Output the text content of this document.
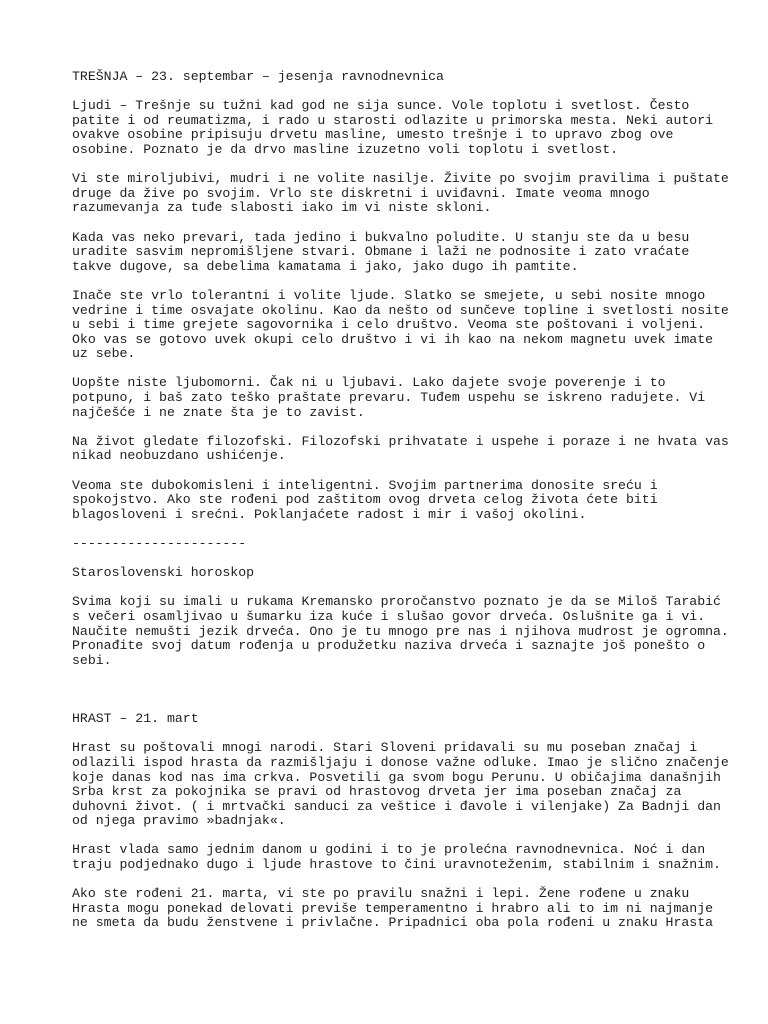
TREŠNJA – 23. septembar – jesenja ravnodnevnica
Ljudi – Trešnje su tužni kad god ne sija sunce. Vole toplotu i svetlost. Često
patite i od reumatizma, i rado u starosti odlazite u primorska mesta. Neki autori
ovakve osobine pripisuju drvetu masline, umesto trešnje i to upravo zbog ove
osobine. Poznato je da drvo masline izuzetno voli toplotu i svetlost.
Vi ste miroljubivi, mudri i ne volite nasilje. Živite po svojim pravilima i puštate
druge da žive po svojim. Vrlo ste diskretni i uviđavni. Imate veoma mnogo
razumevanja za tuđe slabosti iako im vi niste skloni.
Kada vas neko prevari, tada jedino i bukvalno poludite. U stanju ste da u besu
uradite sasvim nepromišljene stvari. Obmane i laži ne podnosite i zato vraćate
takve dugove, sa debelima kamatama i jako, jako dugo ih pamtite.
Inače ste vrlo tolerantni i volite ljude. Slatko se smejete, u sebi nosite mnogo
vedrine i time osvajate okolinu. Kao da nešto od sunčeve topline i svetlosti nosite
u sebi i time grejete sagovornika i celo društvo. Veoma ste poštovani i voljeni.
Oko vas se gotovo uvek okupi celo društvo i vi ih kao na nekom magnetu uvek imate
uz sebe.
Uopšte niste ljubomorni. Čak ni u ljubavi. Lako dajete svoje poverenje i to
potpuno, i baš zato teško praštate prevaru. Tuđem uspehu se iskreno radujete. Vi
najčešće i ne znate šta je to zavist.
Na život gledate filozofski. Filozofski prihvatate i uspehe i poraze i ne hvata vas
nikad neobuzdano ushićenje.
Veoma ste dubokomisleni i inteligentni. Svojim partnerima donosite sreću i
spokojstvo. Ako ste rođeni pod zaštitom ovog drveta celog života ćete biti
blagosloveni i srećni. Poklanjaćete radost i mir i vašoj okolini.
----------------------
Staroslovenski horoskop
Svima koji su imali u rukama Kremansko proročanstvo poznato je da se Miloš Tarabić
s večeri osamljivao u šumarku iza kuće i slušao govor drveća. Oslušnite ga i vi.
Naučite nemušti jezik drveća. Ono je tu mnogo pre nas i njihova mudrost je ogromna.
Pronađite svoj datum rođenja u produžetku naziva drveća i saznajte još ponešto o
sebi.
HRAST – 21. mart
Hrast su poštovali mnogi narodi. Stari Sloveni pridavali su mu poseban značaj i
odlazili ispod hrasta da razmišljaju i donose važne odluke. Imao je slično značenje
koje danas kod nas ima crkva. Posvetili ga svom bogu Perunu. U običajima današnjih
Srba krst za pokojnika se pravi od hrastovog drveta jer ima poseban značaj za
duhovni život. ( i mrtvački sanduci za veštice i đavole i vilenjake) Za Badnji dan
od njega pravimo »badnjak«.
Hrast vlada samo jednim danom u godini i to je prolećna ravnodnevnica. Noć i dan
traju podjednako dugo i ljude hrastove to čini uravnoteženim, stabilnim i snažnim.
Ako ste rođeni 21. marta, vi ste po pravilu snažni i lepi. Žene rođene u znaku
Hrasta mogu ponekad delovati previše temperamentno i hrabro ali to im ni najmanje
ne smeta da budu ženstvene i privlačne. Pripadnici oba pola rođeni u znaku Hrasta
